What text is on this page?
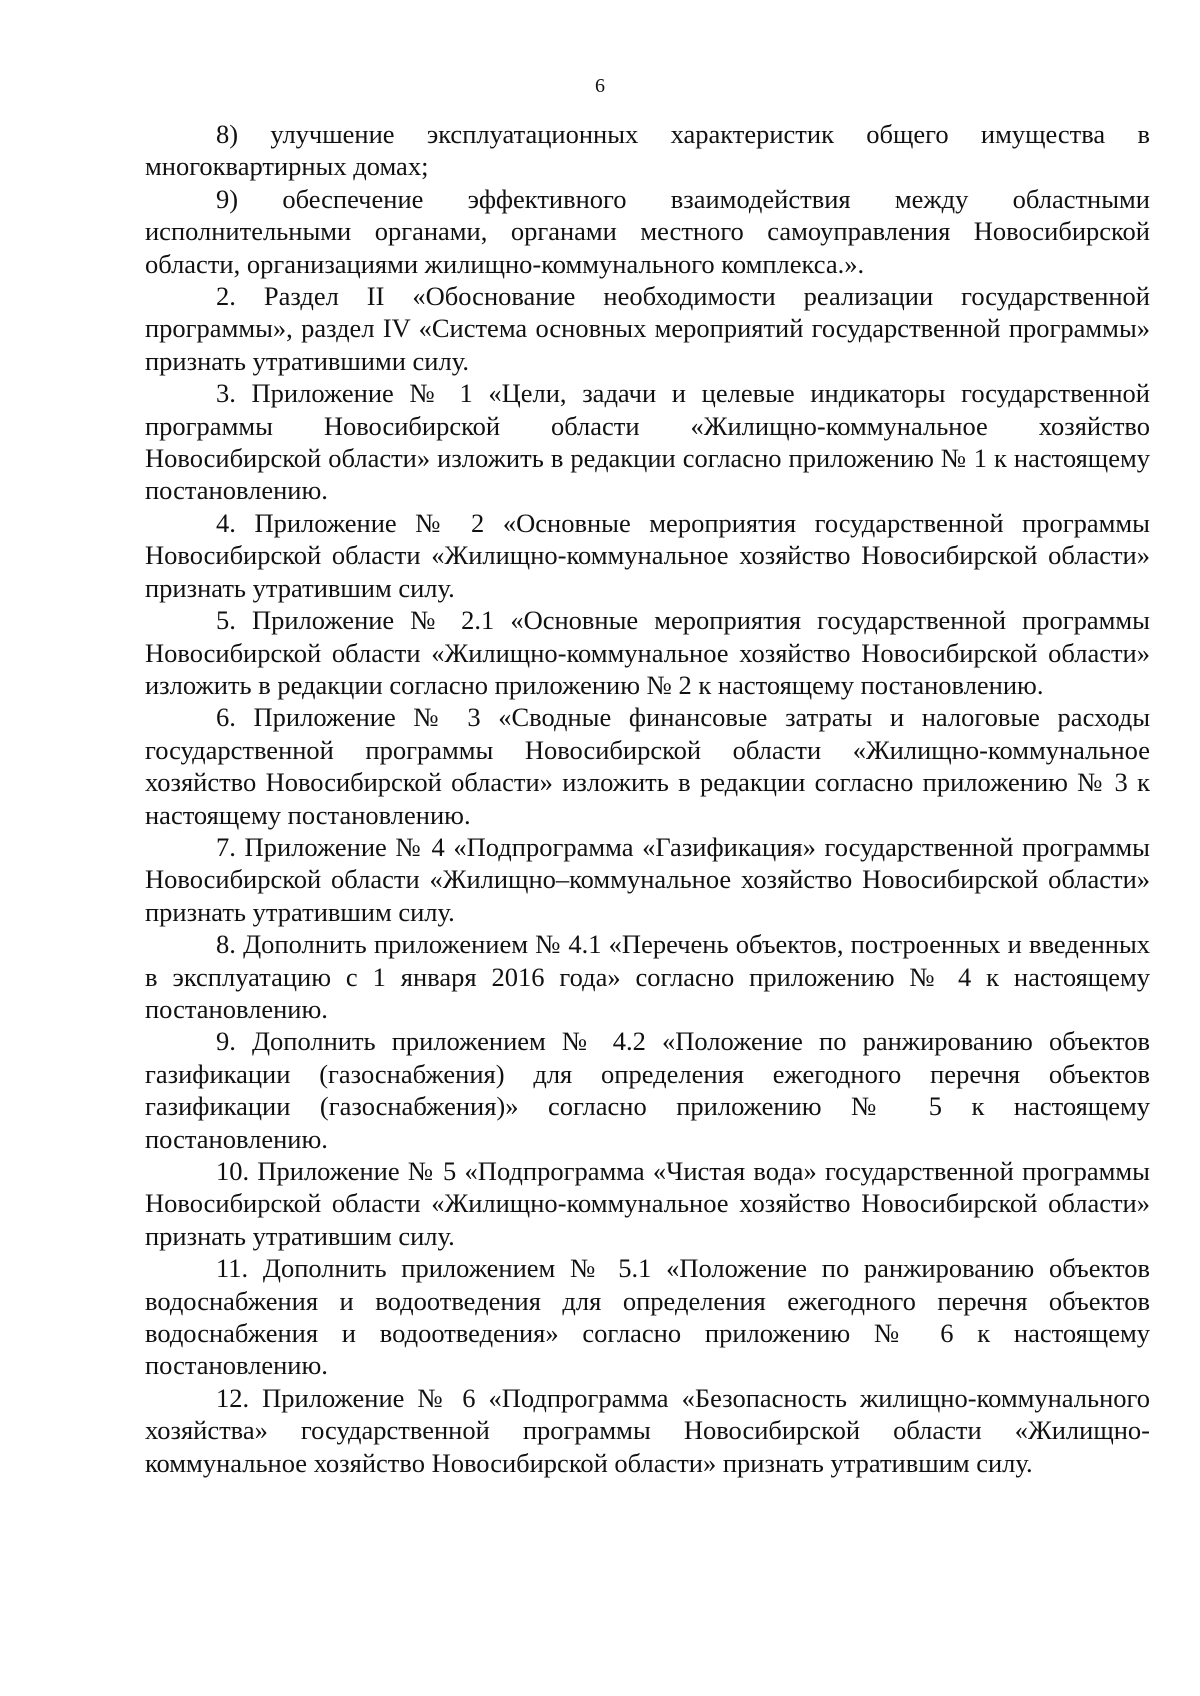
6

8) улучшение эксплуатационных характеристик общего имущества в многоквартирных домах;

9) обеспечение эффективного взаимодействия между областными исполнительными органами, органами местного самоуправления Новосибирской области, организациями жилищно-коммунального комплекса.».

2. Раздел II «Обоснование необходимости реализации государственной программы», раздел IV «Система основных мероприятий государственной программы» признать утратившими силу.

3. Приложение № 1 «Цели, задачи и целевые индикаторы государственной программы Новосибирской области «Жилищно-коммунальное хозяйство Новосибирской области» изложить в редакции согласно приложению № 1 к настоящему постановлению.

4. Приложение № 2 «Основные мероприятия государственной программы Новосибирской области «Жилищно-коммунальное хозяйство Новосибирской области» признать утратившим силу.

5. Приложение № 2.1 «Основные мероприятия государственной программы Новосибирской области «Жилищно-коммунальное хозяйство Новосибирской области» изложить в редакции согласно приложению № 2 к настоящему постановлению.

6. Приложение № 3 «Сводные финансовые затраты и налоговые расходы государственной программы Новосибирской области «Жилищно-коммунальное хозяйство Новосибирской области» изложить в редакции согласно приложению № 3 к настоящему постановлению.

7. Приложение № 4 «Подпрограмма «Газификация» государственной программы Новосибирской области «Жилищно–коммунальное хозяйство Новосибирской области» признать утратившим силу.

8. Дополнить приложением № 4.1 «Перечень объектов, построенных и введенных в эксплуатацию с 1 января 2016 года» согласно приложению № 4 к настоящему постановлению.

9. Дополнить приложением № 4.2 «Положение по ранжированию объектов газификации (газоснабжения) для определения ежегодного перечня объектов газификации (газоснабжения)» согласно приложению № 5 к настоящему постановлению.

10. Приложение № 5 «Подпрограмма «Чистая вода» государственной программы Новосибирской области «Жилищно-коммунальное хозяйство Новосибирской области» признать утратившим силу.

11. Дополнить приложением № 5.1 «Положение по ранжированию объектов водоснабжения и водоотведения для определения ежегодного перечня объектов водоснабжения и водоотведения» согласно приложению № 6 к настоящему постановлению.

12. Приложение № 6 «Подпрограмма «Безопасность жилищно-коммунального хозяйства» государственной программы Новосибирской области «Жилищно-коммунальное хозяйство Новосибирской области» признать утратившим силу.
